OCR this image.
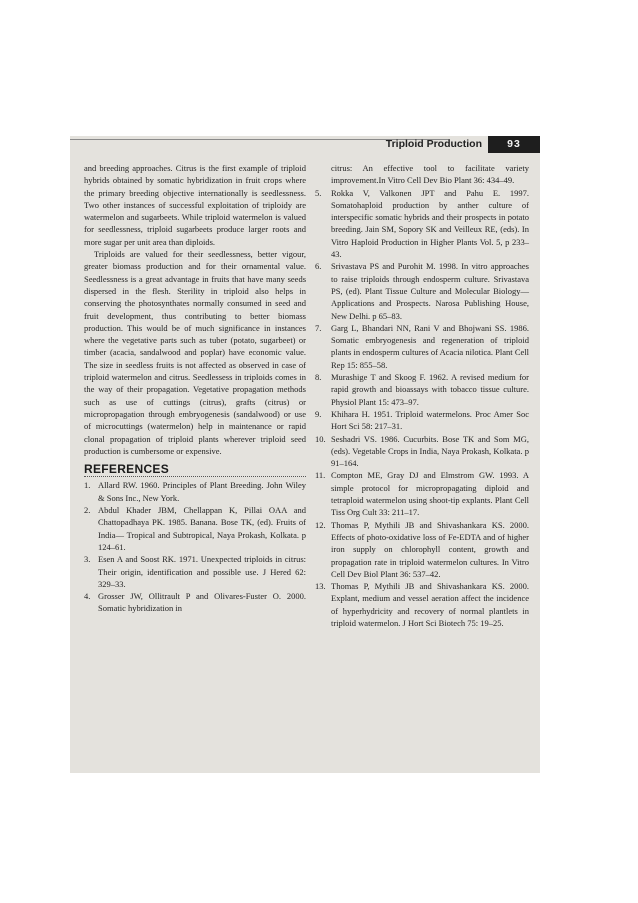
Triploid Production	93

and breeding approaches. Citrus is the first example of triploid hybrids obtained by somatic hybridization in fruit crops where the primary breeding objective internationally is seedlessness. Two other instances of successful exploitation of triploidy are watermelon and sugarbeets. While triploid watermelon is valued for seedlessness, triploid sugarbeets produce larger roots and more sugar per unit area than diploids.

Triploids are valued for their seedlessness, better vigour, greater biomass production and for their ornamental value. Seedlessness is a great advantage in fruits that have many seeds dispersed in the flesh. Sterility in triploid also helps in conserving the photosynthates normally consumed in seed and fruit development, thus contributing to better biomass production. This would be of much significance in instances where the vegetative parts such as tuber (potato, sugarbeet) or timber (acacia, sandalwood and poplar) have economic value. The size in seedless fruits is not affected as observed in case of triploid watermelon and citrus. Seedlessess in triploids comes in the way of their propagation. Vegetative propagation methods such as use of cuttings (citrus), grafts (citrus) or micropropagation through embryogenesis (sandalwood) or use of microcuttings (watermelon) help in maintenance or rapid clonal propagation of triploid plants wherever triploid seed production is cumbersome or expensive.

REFERENCES
1. Allard RW. 1960. Principles of Plant Breeding. John Wiley & Sons Inc., New York.
2. Abdul Khader JBM, Chellappan K, Pillai OAA and Chattopadhaya PK. 1985. Banana. Bose TK, (ed). Fruits of India— Tropical and Subtropical, Naya Prokash, Kolkata. p 124–61.
3. Esen A and Soost RK. 1971. Unexpected triploids in citrus: Their origin, identification and possible use. J Hered 62: 329–33.
4. Grosser JW, Ollitrault P and Olivares-Fuster O. 2000. Somatic hybridization in
citrus: An effective tool to facilitate variety improvement.In Vitro Cell Dev Bio Plant 36: 434–49.
5.	Rokka V, Valkonen JPT and Pahu E. 1997. Somatohaploid production by anther culture of interspecific somatic hybrids and their prospects in potato breeding. Jain SM, Sopory SK and Veilleux RE, (eds). In Vitro Haploid Production in Higher Plants Vol. 5, p 233–43.
6.	Srivastava PS and Purohit M. 1998. In vitro approaches to raise triploids through endosperm culture. Srivastava PS, (ed). Plant Tissue Culture and Molecular Biology— Applications and Prospects. Narosa Publishing House, New Delhi. p 65–83.
7.	Garg L, Bhandari NN, Rani V and Bhojwani SS. 1986. Somatic embryogenesis and regeneration of triploid plants in endosperm cultures of Acacia nilotica. Plant Cell Rep 15: 855–58.
8.	Murashige T and Skoog F. 1962. A revised medium for rapid growth and bioassays with tobacco tissue culture. Physiol Plant 15: 473–97.
9.	Khihara H. 1951. Triploid watermelons. Proc Amer Soc Hort Sci 58: 217–31.
10. Seshadri VS. 1986. Cucurbits. Bose TK and Som MG, (eds). Vegetable Crops in India, Naya Prokash, Kolkata. p 91–164.
11. Compton ME, Gray DJ and Elmstrom GW. 1993. A simple protocol for micropropagating diploid and tetraploid watermelon using shoot-tip explants. Plant Cell Tiss Org Cult 33: 211–17.
12. Thomas P, Mythili JB and Shivashankara KS. 2000. Effects of photo-oxidative loss of Fe-EDTA and of higher iron supply on chlorophyll content, growth and propagation rate in triploid watermelon cultures. In Vitro Cell Dev Biol Plant 36: 537–42.
13. Thomas P, Mythili JB and Shivashankara KS. 2000. Explant, medium and vessel aeration affect the incidence of hyperhydricity and recovery of normal plantlets in triploid watermelon. J Hort Sci Biotech 75: 19–25.
